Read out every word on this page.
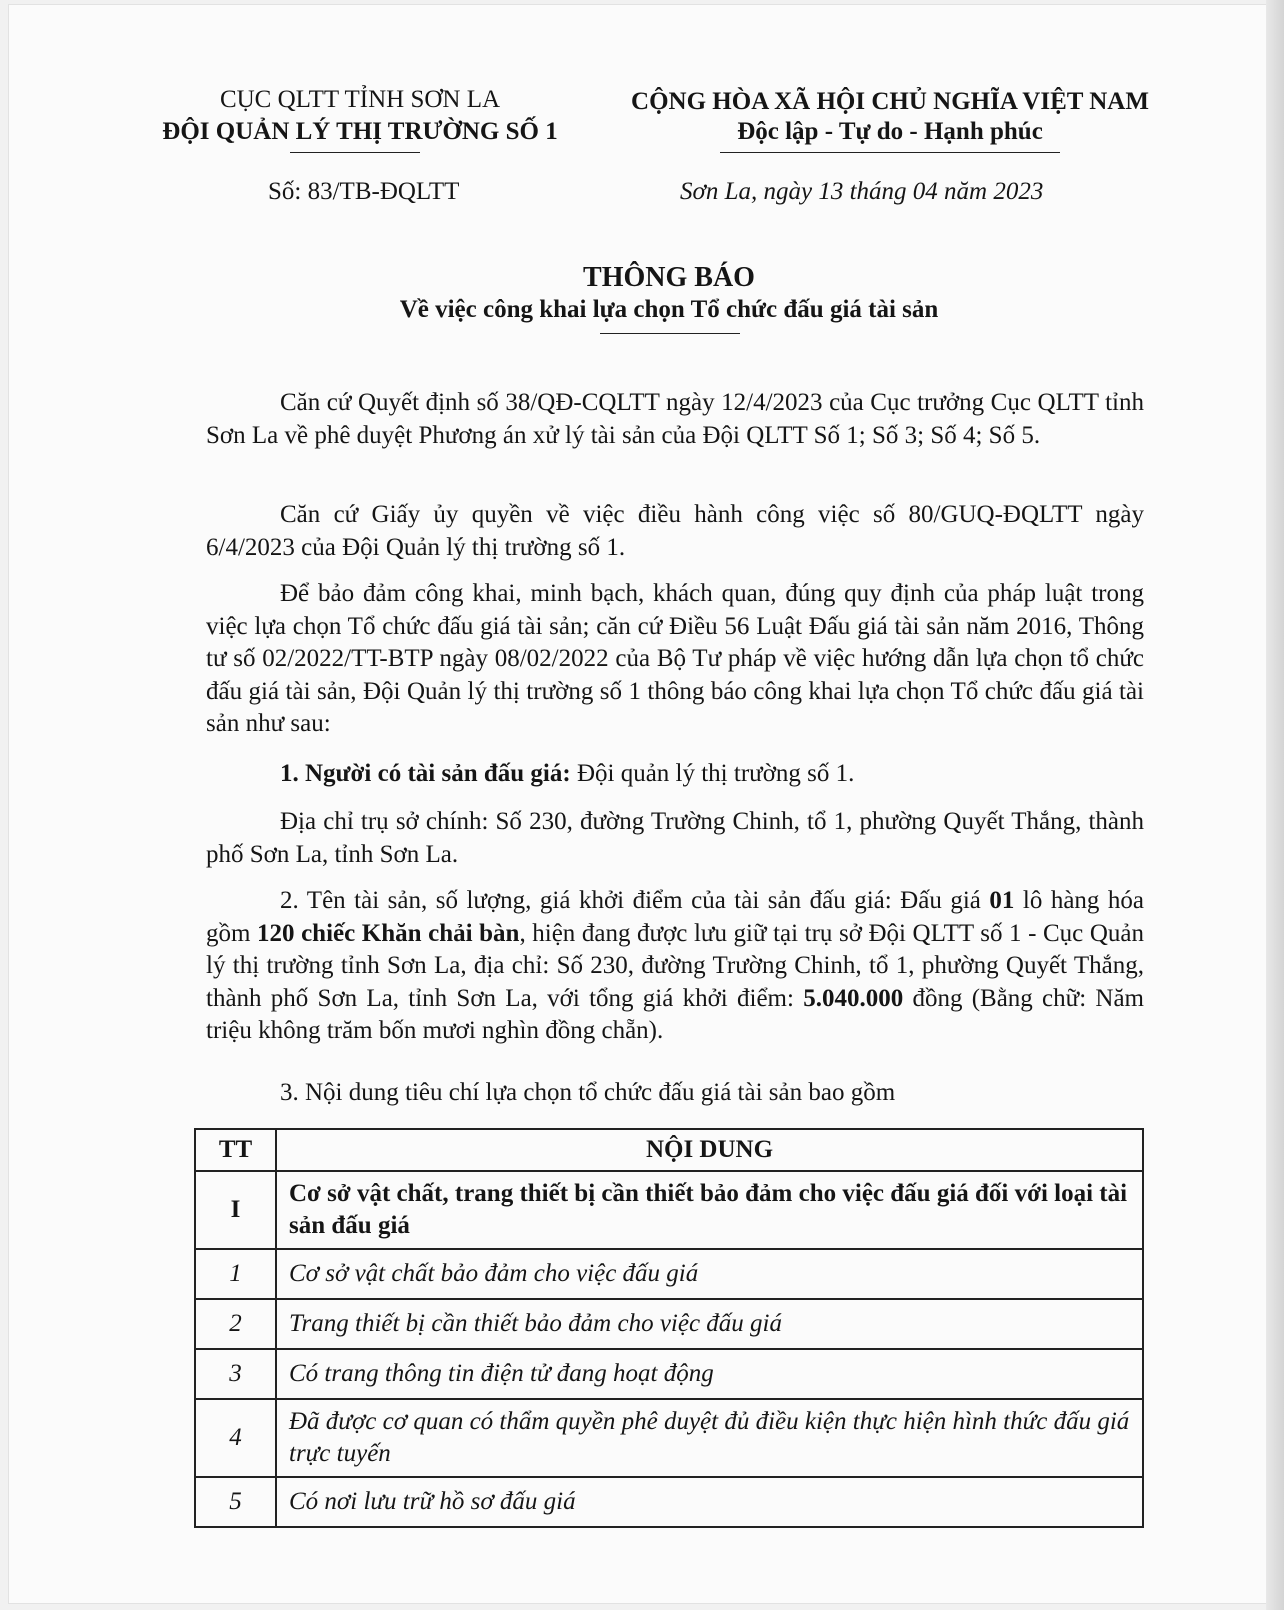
CỤC QLTT TỈNH SƠN LA
ĐỘI QUẢN LÝ THỊ TRƯỜNG SỐ 1
CỘNG HÒA XÃ HỘI CHỦ NGHĨA VIỆT NAM
Độc lập - Tự do - Hạnh phúc
Số: 83/TB-ĐQLTT	Sơn La, ngày 13 tháng 04 năm 2023
THÔNG BÁO
Về việc công khai lựa chọn Tổ chức đấu giá tài sản
Căn cứ Quyết định số 38/QĐ-CQLTT ngày 12/4/2023 của Cục trưởng Cục QLTT tỉnh Sơn La về phê duyệt Phương án xử lý tài sản của Đội QLTT Số 1; Số 3; Số 4; Số 5.
Căn cứ Giấy ủy quyền về việc điều hành công việc số 80/GUQ-ĐQLTT ngày 6/4/2023 của Đội Quản lý thị trường số 1.
Để bảo đảm công khai, minh bạch, khách quan, đúng quy định của pháp luật trong việc lựa chọn Tổ chức đấu giá tài sản; căn cứ Điều 56 Luật Đấu giá tài sản năm 2016, Thông tư số 02/2022/TT-BTP ngày 08/02/2022 của Bộ Tư pháp về việc hướng dẫn lựa chọn tổ chức đấu giá tài sản, Đội Quản lý thị trường số 1 thông báo công khai lựa chọn Tổ chức đấu giá tài sản như sau:
1. Người có tài sản đấu giá: Đội quản lý thị trường số 1.
Địa chỉ trụ sở chính: Số 230, đường Trường Chinh, tổ 1, phường Quyết Thắng, thành phố Sơn La, tỉnh Sơn La.
2. Tên tài sản, số lượng, giá khởi điểm của tài sản đấu giá: Đấu giá 01 lô hàng hóa gồm 120 chiếc Khăn chải bàn, hiện đang được lưu giữ tại trụ sở Đội QLTT số 1 - Cục Quản lý thị trường tỉnh Sơn La, địa chỉ: Số 230, đường Trường Chinh, tổ 1, phường Quyết Thắng, thành phố Sơn La, tỉnh Sơn La, với tổng giá khởi điểm: 5.040.000 đồng (Bằng chữ: Năm triệu không trăm bốn mươi nghìn đồng chẵn).
3. Nội dung tiêu chí lựa chọn tổ chức đấu giá tài sản bao gồm
TT	NỘI DUNG
I	Cơ sở vật chất, trang thiết bị cần thiết bảo đảm cho việc đấu giá đối với loại tài sản đấu giá
1	Cơ sở vật chất bảo đảm cho việc đấu giá
2	Trang thiết bị cần thiết bảo đảm cho việc đấu giá
3	Có trang thông tin điện tử đang hoạt động
4	Đã được cơ quan có thẩm quyền phê duyệt đủ điều kiện thực hiện hình thức đấu giá trực tuyến
5	Có nơi lưu trữ hồ sơ đấu giá
